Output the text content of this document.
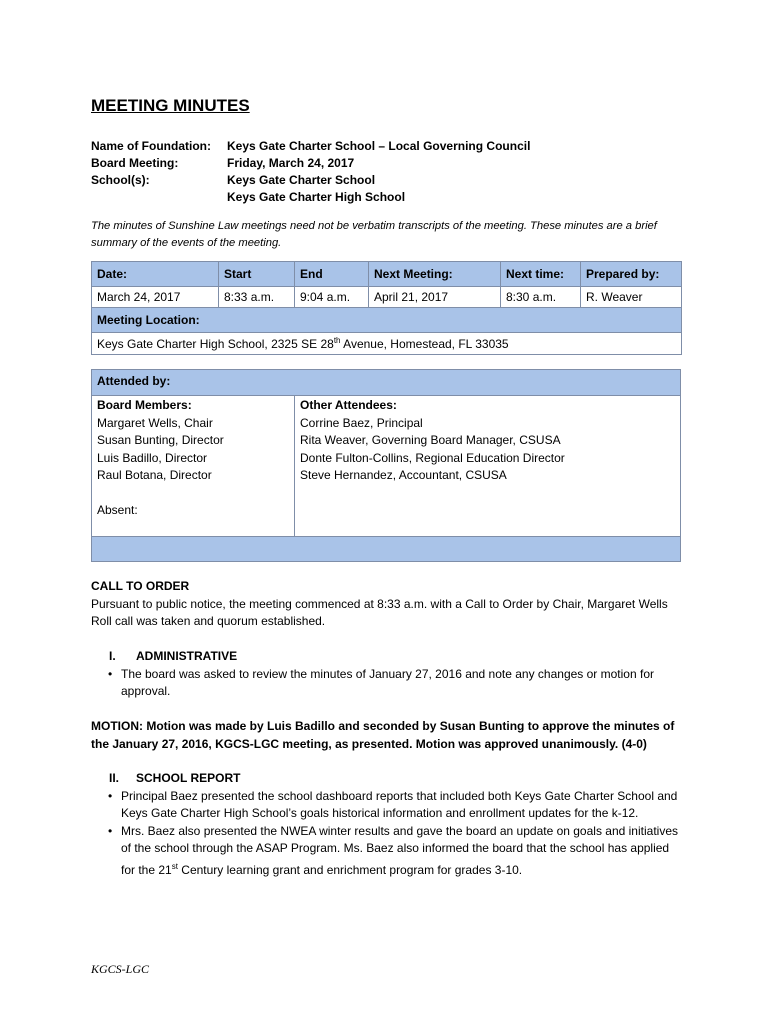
MEETING MINUTES
Name of Foundation:	Keys Gate Charter School – Local Governing Council
Board Meeting:	Friday, March 24, 2017
School(s):	Keys Gate Charter School
Keys Gate Charter High School
The minutes of Sunshine Law meetings need not be verbatim transcripts of the meeting. These minutes are a brief summary of the events of the meeting.
Date:	Start	End	Next Meeting:	Next time:	Prepared by:
March 24, 2017	8:33 a.m.	9:04 a.m.	April 21, 2017	8:30 a.m.	R. Weaver
Meeting Location:					
Keys Gate Charter High School, 2325 SE 28th Avenue, Homestead, FL 33035					
Attended by:
Board Members:
Margaret Wells, Chair
Susan Bunting, Director
Luis Badillo, Director
Raul Botana, Director
Absent:
Other Attendees:
Corrine Baez, Principal
Rita Weaver, Governing Board Manager, CSUSA
Donte Fulton-Collins, Regional Education Director
Steve Hernandez, Accountant, CSUSA
CALL TO ORDER
Pursuant to public notice, the meeting commenced at 8:33 a.m. with a Call to Order by Chair, Margaret Wells Roll call was taken and quorum established.
I.	ADMINISTRATIVE
• The board was asked to review the minutes of January 27, 2016 and note any changes or motion for approval.
MOTION: Motion was made by Luis Badillo and seconded by Susan Bunting to approve the minutes of the January 27, 2016, KGCS-LGC meeting, as presented. Motion was approved unanimously. (4-0)
II.	SCHOOL REPORT
• Principal Baez presented the school dashboard reports that included both Keys Gate Charter School and Keys Gate Charter High School’s goals historical information and enrollment updates for the k-12.
• Mrs. Baez also presented the NWEA winter results and gave the board an update on goals and initiatives of the school through the ASAP Program. Ms. Baez also informed the board that the school has applied for the 21st Century learning grant and enrichment program for grades 3-10.
KGCS-LGC
